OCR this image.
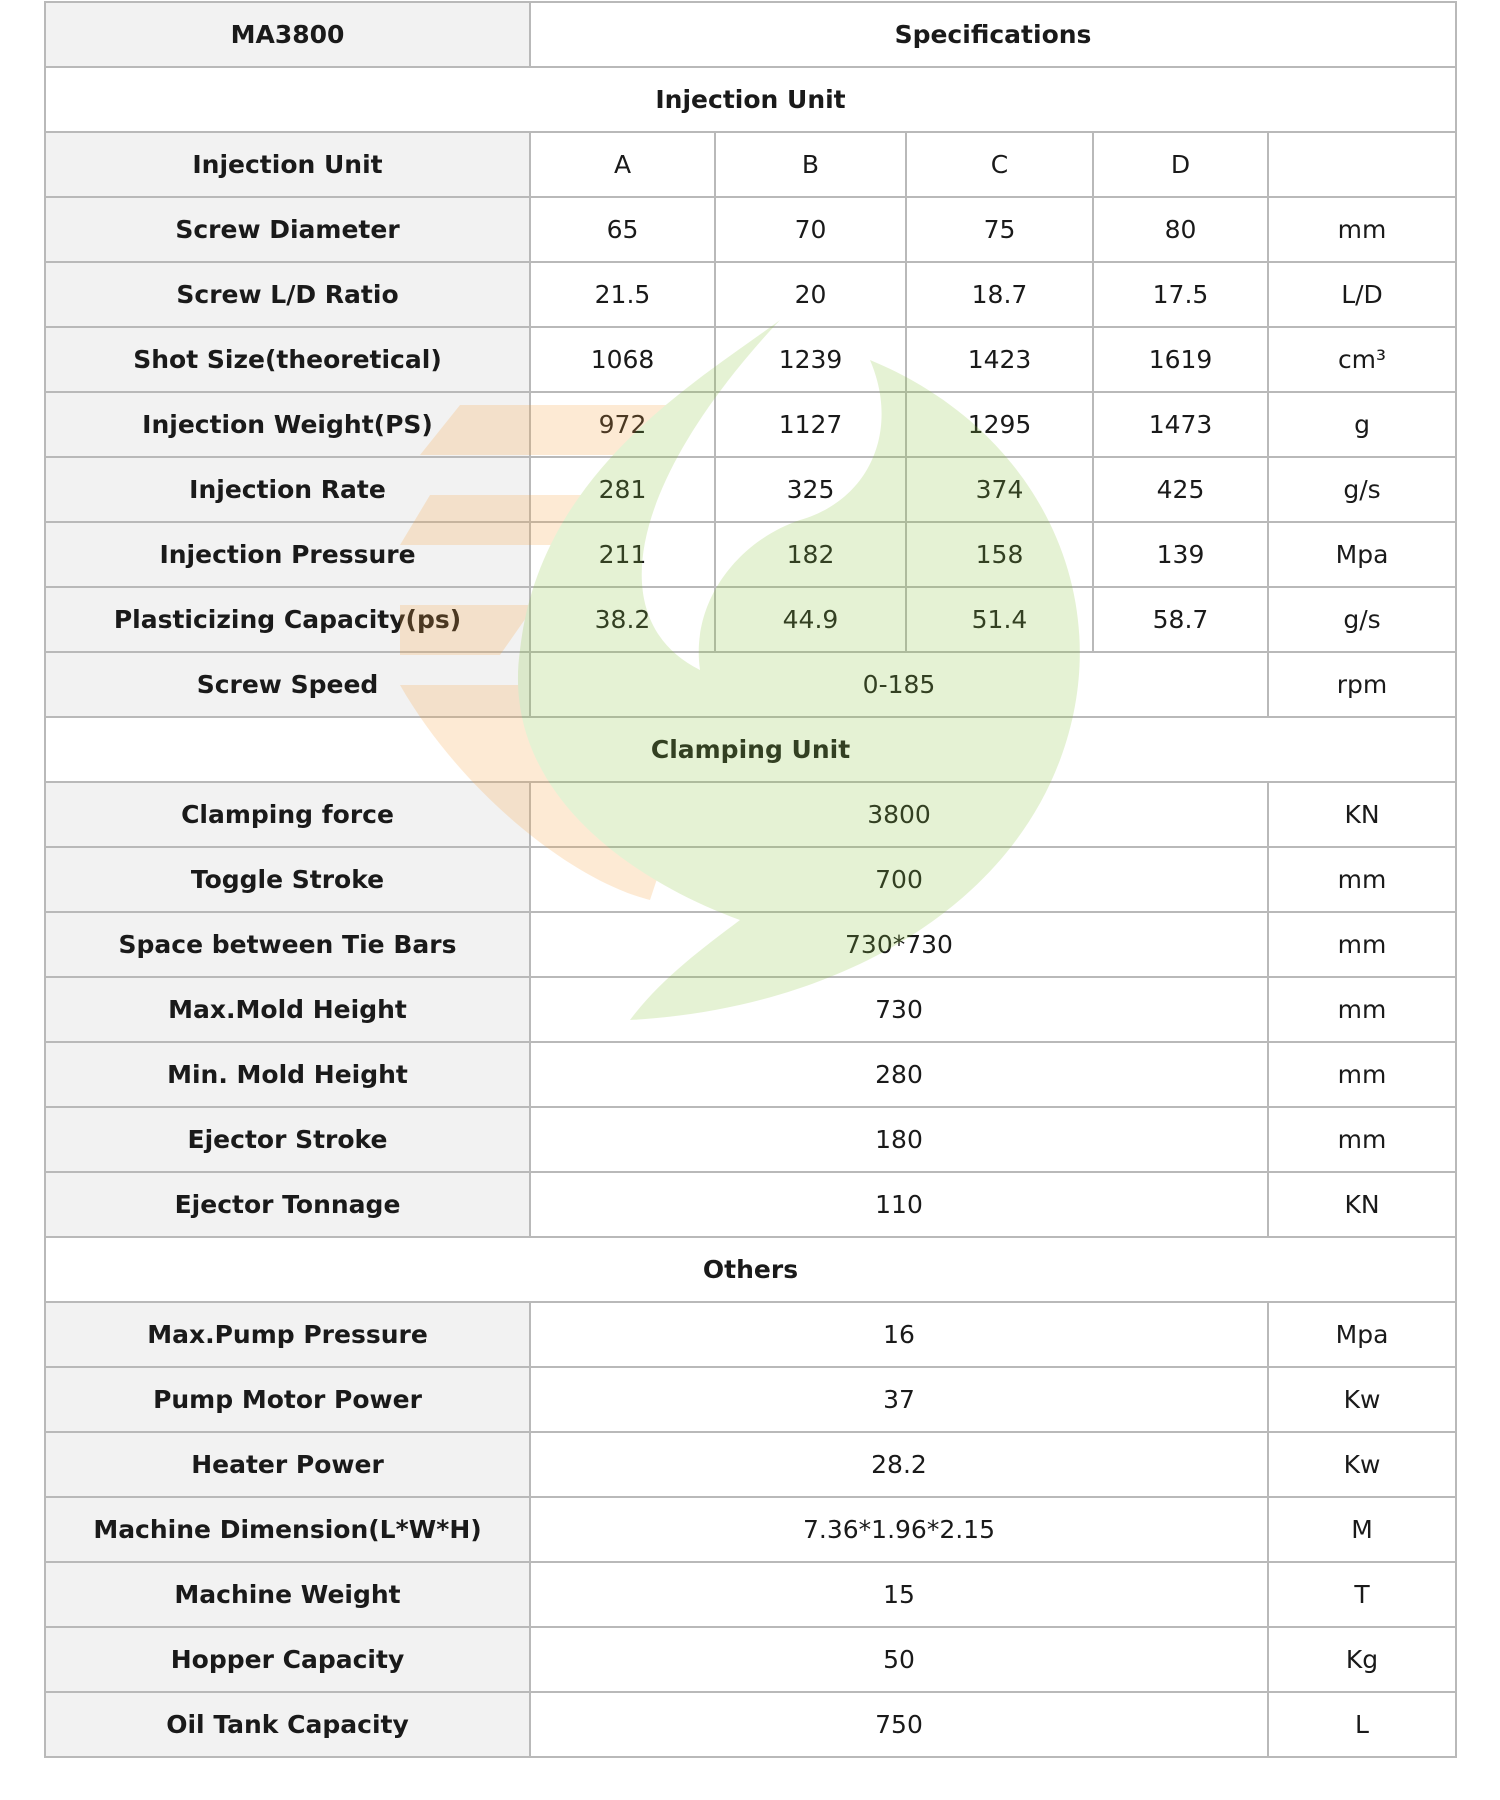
MA3800	Specifications				
Injection Unit					
Injection Unit	A	B	C	D	
Screw Diameter	65	70	75	80	mm
Screw L/D Ratio	21.5	20	18.7	17.5	L/D
Shot Size(theoretical)	1068	1239	1423	1619	cm³
Injection Weight(PS)	972	1127	1295	1473	g
Injection Rate	281	325	374	425	g/s
Injection Pressure	211	182	158	139	Mpa
Plasticizing Capacity(ps)	38.2	44.9	51.4	58.7	g/s
Screw Speed	0-185				rpm
Clamping Unit					
Clamping force	3800				KN
Toggle Stroke	700				mm
Space between Tie Bars	730*730				mm
Max.Mold Height	730				mm
Min. Mold Height	280				mm
Ejector Stroke	180				mm
Ejector Tonnage	110				KN
Others					
Max.Pump Pressure	16				Mpa
Pump Motor Power	37				Kw
Heater Power	28.2				Kw
Machine Dimension(L*W*H)	7.36*1.96*2.15				M
Machine Weight	15				T
Hopper Capacity	50				Kg
Oil Tank Capacity	750				L
